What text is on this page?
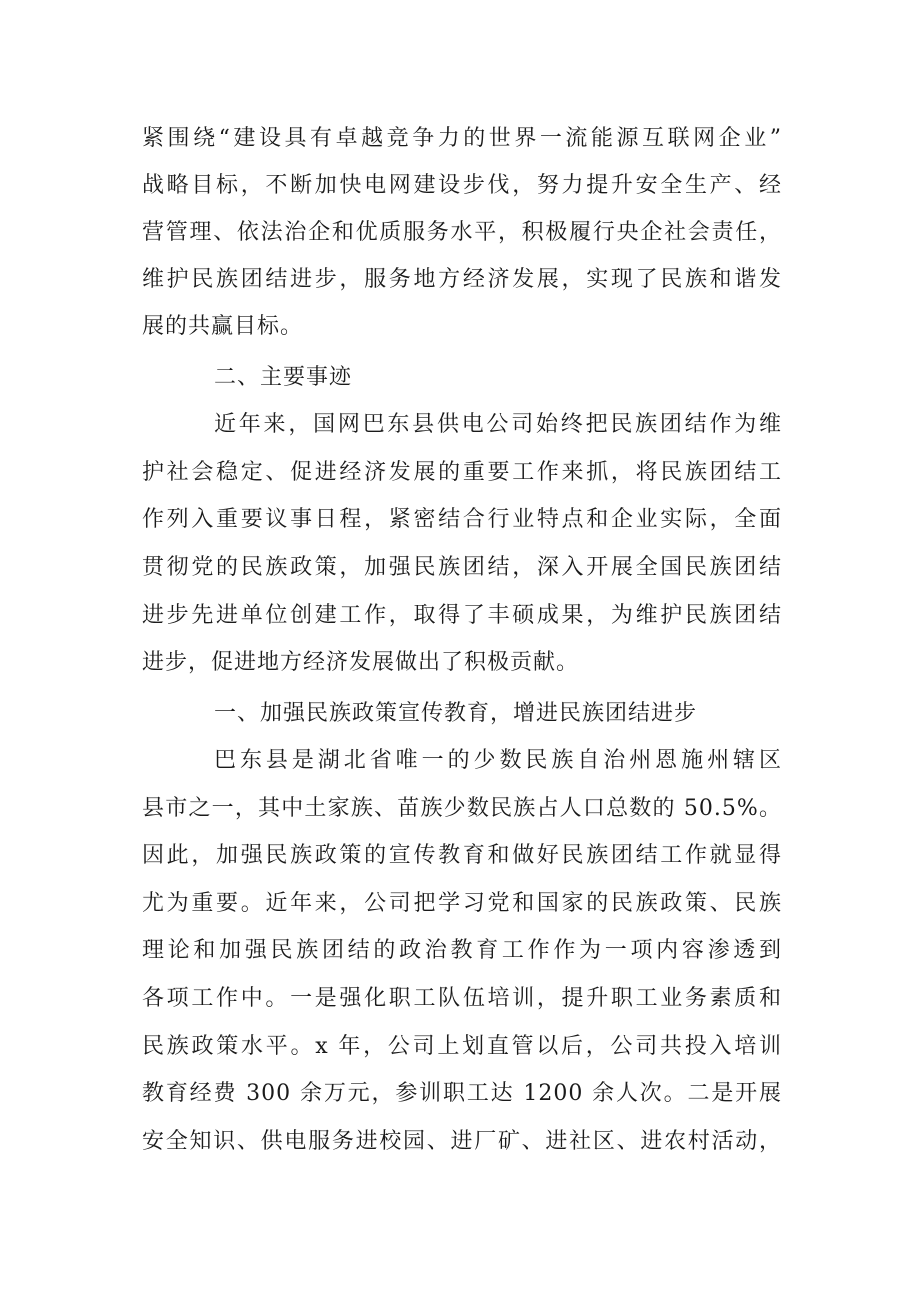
紧围绕“建设具有卓越竞争力的世界一流能源互联网企业”
战略目标，不断加快电网建设步伐，努力提升安全生产、经
营管理、依法治企和优质服务水平，积极履行央企社会责任，
维护民族团结进步，服务地方经济发展，实现了民族和谐发
展的共赢目标。
二、主要事迹
近年来，国网巴东县供电公司始终把民族团结作为维
护社会稳定、促进经济发展的重要工作来抓，将民族团结工
作列入重要议事日程，紧密结合行业特点和企业实际，全面
贯彻党的民族政策，加强民族团结，深入开展全国民族团结
进步先进单位创建工作，取得了丰硕成果，为维护民族团结
进步，促进地方经济发展做出了积极贡献。
一、加强民族政策宣传教育，增进民族团结进步
巴东县是湖北省唯一的少数民族自治州恩施州辖区
县市之一，其中土家族、苗族少数民族占人口总数的 50.5%。
因此，加强民族政策的宣传教育和做好民族团结工作就显得
尤为重要。近年来，公司把学习党和国家的民族政策、民族
理论和加强民族团结的政治教育工作作为一项内容渗透到
各项工作中。一是强化职工队伍培训，提升职工业务素质和
民族政策水平。x 年，公司上划直管以后，公司共投入培训
教育经费 300 余万元，参训职工达 1200 余人次。二是开展
安全知识、供电服务进校园、进厂矿、进社区、进农村活动，
